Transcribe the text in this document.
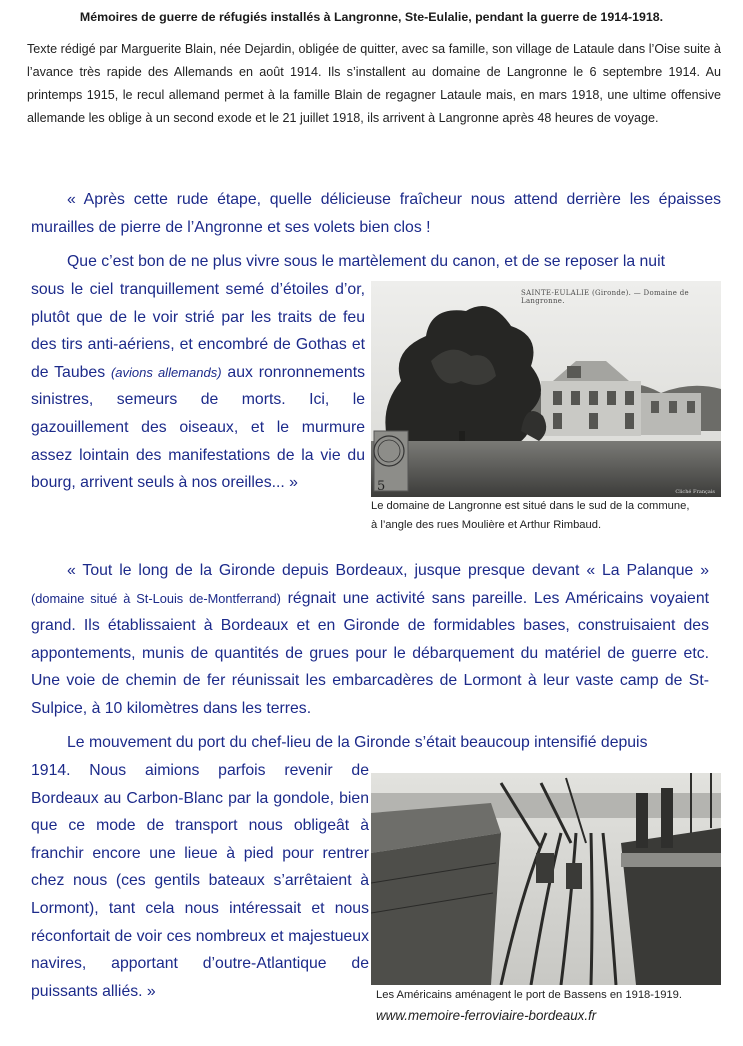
Mémoires de guerre de réfugiés installés à Langronne, Ste-Eulalie, pendant la guerre de 1914-1918.

Texte rédigé par Marguerite Blain, née Dejardin, obligée de quitter, avec sa famille, son village de Lataule dans l’Oise suite à l’avance très rapide des Allemands en août 1914. Ils s’installent au domaine de Langronne le 6 septembre 1914. Au printemps 1915, le recul allemand permet à la famille Blain de regagner Lataule mais, en mars 1918, une ultime offensive allemande les oblige à un second exode et le 21 juillet 1918, ils arrivent à Langronne après 48 heures de voyage.

« Après cette rude étape, quelle délicieuse fraîcheur nous attend derrière les épaisses murailles de pierre de l’Angronne et ses volets bien clos !

Que c’est bon de ne plus vivre sous le martèlement du canon, et de se reposer la nuit

sous le ciel tranquillement semé d’étoiles d’or, plutôt que de le voir strié par les traits de feu des tirs anti-aériens, et encombré de Gothas et de Taubes (avions allemands) aux ronronnements sinistres, semeurs de morts. Ici, le gazouillement des oiseaux, et le murmure assez lointain des manifestations de la vie du bourg, arrivent seuls à nos oreilles... »

SAINTE-EULALIE (Gironde). — Domaine de Langronne.
5	Cliché Français
Le domaine de Langronne est situé dans le sud de la commune,
à l’angle des rues Moulière et Arthur Rimbaud.

« Tout le long de la Gironde depuis Bordeaux, jusque presque devant « La Palanque » (domaine situé à St-Louis de-Montferrand) régnait une activité sans pareille. Les Américains voyaient grand. Ils établissaient à Bordeaux et en Gironde de formidables bases, construisaient des appontements, munis de quantités de grues pour le débarquement du matériel de guerre etc. Une voie de chemin de fer réunissait les embarcadères de Lormont à leur vaste camp de St-Sulpice, à 10 kilomètres dans les terres.

Le mouvement du port du chef-lieu de la Gironde s’était beaucoup intensifié depuis

1914. Nous aimions parfois revenir de Bordeaux au Carbon-Blanc par la gondole, bien que ce mode de transport nous obligeât à franchir encore une lieue à pied pour rentrer chez nous (ces gentils bateaux s’arrêtaient à Lormont), tant cela nous intéressait et nous réconfortait de voir ces nombreux et majestueux navires, apportant d’outre-Atlantique de puissants alliés. »	Les Américains aménagent le port de Bassens en 1918-1919.
www.memoire-ferroviaire-bordeaux.fr
